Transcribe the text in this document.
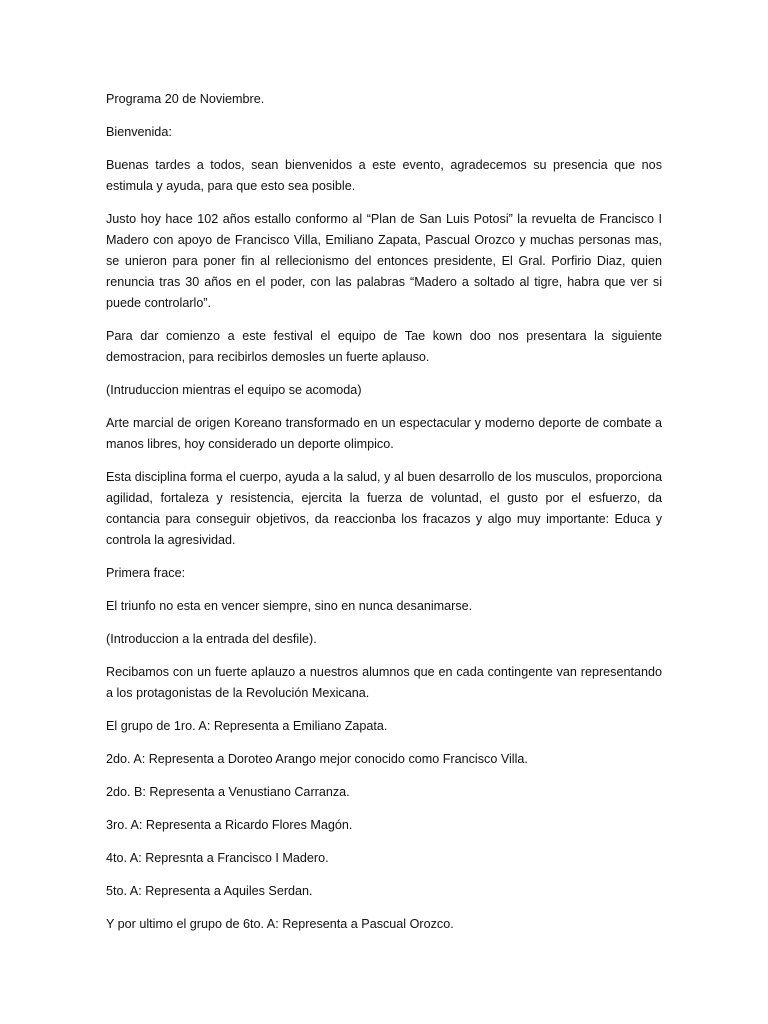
Programa 20 de Noviembre.

Bienvenida:

Buenas tardes a todos, sean bienvenidos a este evento, agradecemos su presencia que nos estimula y ayuda, para que esto sea posible.

Justo hoy hace 102 años estallo conformo al “Plan de San Luis Potosi” la revuelta de Francisco I Madero con apoyo de Francisco Villa, Emiliano Zapata, Pascual Orozco y muchas personas mas, se unieron para poner fin al rellecionismo del entonces presidente, El Gral. Porfirio Diaz, quien renuncia tras 30 años en el poder, con las palabras “Madero a soltado al tigre, habra que ver si puede controlarlo”.

Para dar comienzo a este festival el equipo de Tae kown doo nos presentara la siguiente demostracion, para recibirlos demosles un fuerte aplauso.

(Intruduccion mientras el equipo se acomoda)

Arte marcial de origen Koreano transformado en un espectacular y moderno deporte de combate a manos libres, hoy considerado un deporte olimpico.

Esta disciplina forma el cuerpo, ayuda a la salud, y al buen desarrollo de los musculos, proporciona agilidad, fortaleza y resistencia, ejercita la fuerza de voluntad, el gusto por el esfuerzo, da contancia para conseguir objetivos, da reaccionba los fracazos y algo muy importante: Educa y controla la agresividad.

Primera frace:

El triunfo no esta en vencer siempre, sino en nunca desanimarse.

(Introduccion a la entrada del desfile).

Recibamos con un fuerte aplauzo a nuestros alumnos que en cada contingente van representando a los protagonistas de la Revolución Mexicana.

El grupo de 1ro. A: Representa a Emiliano Zapata.

2do. A: Representa a Doroteo Arango mejor conocido como Francisco Villa.

2do. B: Representa a Venustiano Carranza.

3ro. A: Representa a Ricardo Flores Magón.

4to. A: Represnta a Francisco I Madero.

5to. A: Representa a Aquiles Serdan.

Y por ultimo el grupo de 6to. A: Representa a Pascual Orozco.
